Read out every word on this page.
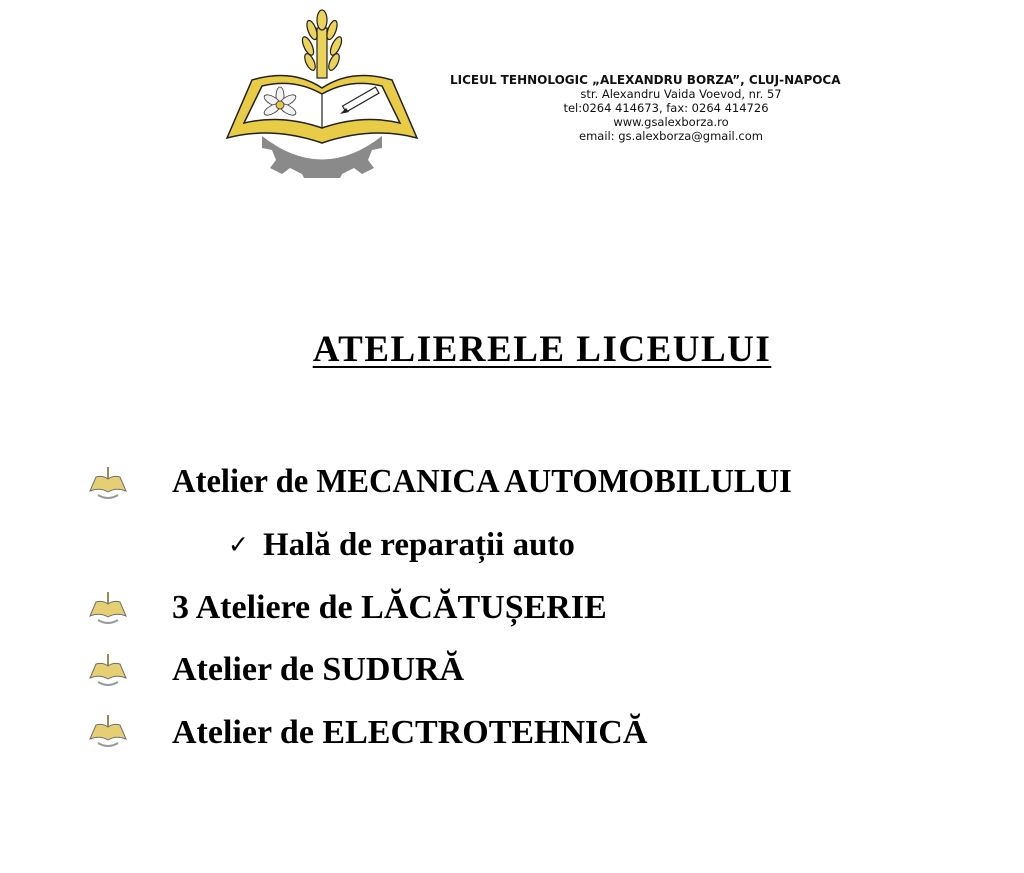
LICEUL TEHNOLOGIC „ALEXANDRU BORZA”, CLUJ-NAPOCA
str. Alexandru Vaida Voevod, nr. 57
tel:0264 414673, fax: 0264 414726
www.gsalexborza.ro
email: gs.alexborza@gmail.com
ATELIERELE LICEULUI
Atelier de MECANICA AUTOMOBILULUI
✓ Hală de reparații auto
3 Ateliere de LĂCĂTUȘERIE
Atelier de SUDURĂ
Atelier de ELECTROTEHNICĂ
